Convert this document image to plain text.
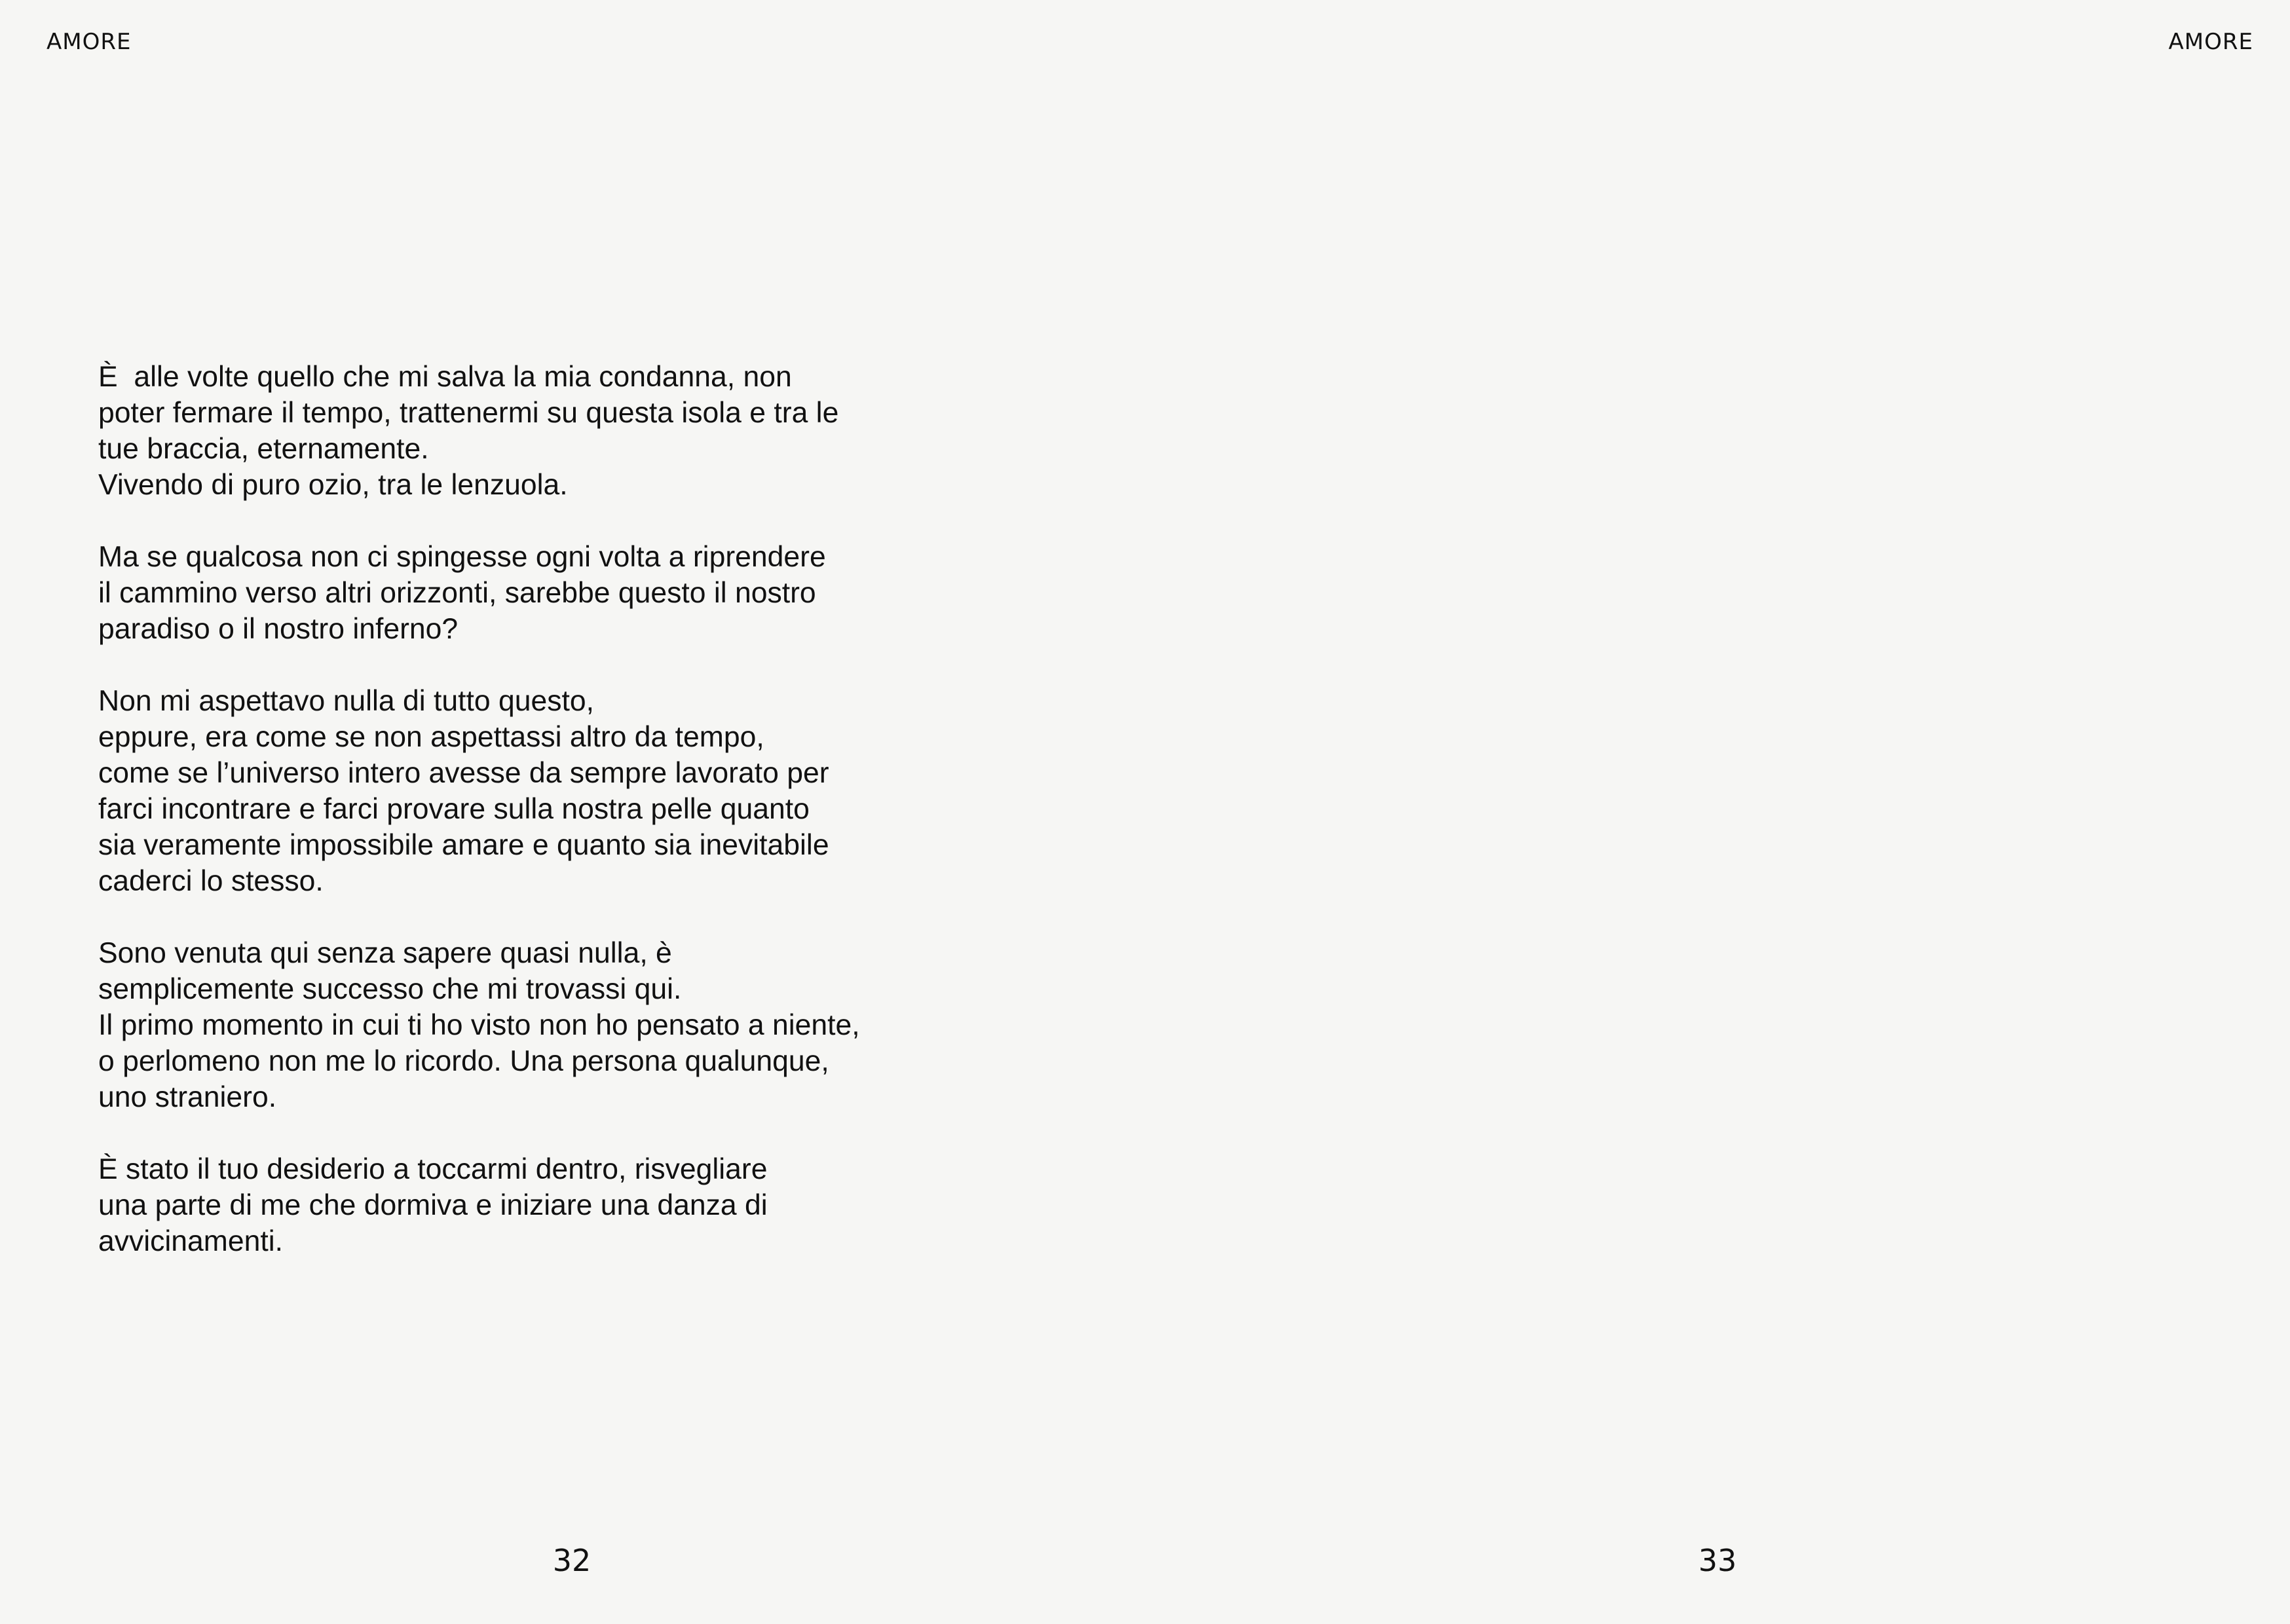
AMORE
È  alle volte quello che mi salva la mia condanna, non
poter fermare il tempo, trattenermi su questa isola e tra le
tue braccia, eternamente.
Vivendo di puro ozio, tra le lenzuola.
Ma se qualcosa non ci spingesse ogni volta a riprendere
il cammino verso altri orizzonti, sarebbe questo il nostro
paradiso o il nostro inferno?
Non mi aspettavo nulla di tutto questo,
eppure, era come se non aspettassi altro da tempo,
come se l’universo intero avesse da sempre lavorato per
farci incontrare e farci provare sulla nostra pelle quanto
sia veramente impossibile amare e quanto sia inevitabile
caderci lo stesso.
Sono venuta qui senza sapere quasi nulla, è
semplicemente successo che mi trovassi qui.
Il primo momento in cui ti ho visto non ho pensato a niente,
o perlomeno non me lo ricordo. Una persona qualunque,
uno straniero.
È stato il tuo desiderio a toccarmi dentro, risvegliare
una parte di me che dormiva e iniziare una danza di
avvicinamenti.
32
AMORE
33
